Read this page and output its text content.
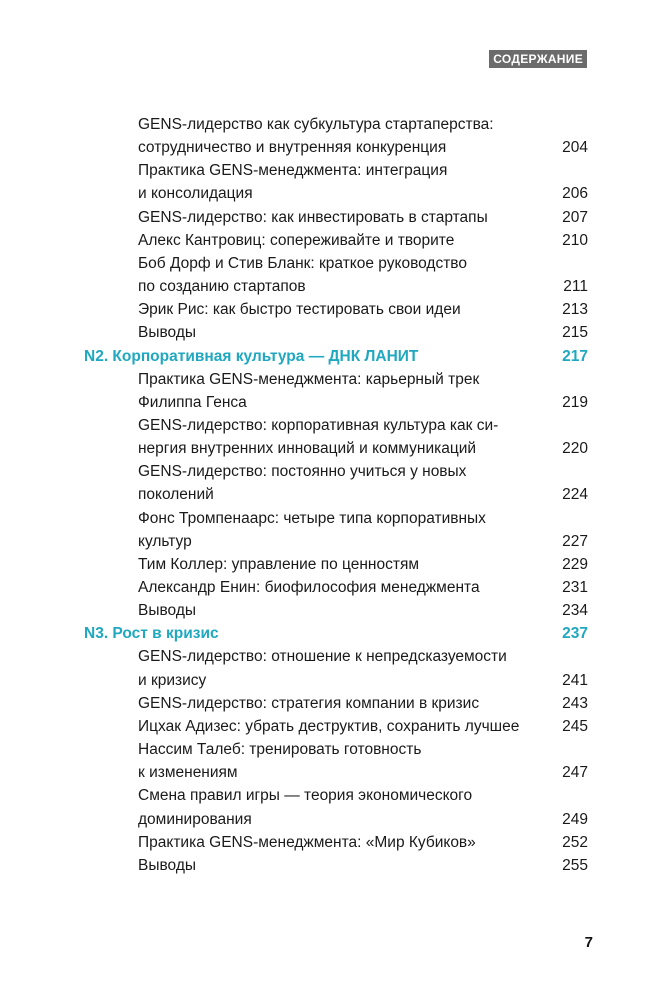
СОДЕРЖАНИЕ
GENS-лидерство как субкультура стартаперства:
сотрудничество и внутренняя конкуренция	204
Практика GENS-менеджмента: интеграция
и консолидация	206
GENS-лидерство: как инвестировать в стартапы	207
Алекс Кантровиц: сопереживайте и творите	210
Боб Дорф и Стив Бланк: краткое руководство
по созданию стартапов	211
Эрик Рис: как быстро тестировать свои идеи	213
Выводы	215
N2. Корпоративная культура — ДНК ЛАНИТ	217
Практика GENS-менеджмента: карьерный трек
Филиппа Генса	219
GENS-лидерство: корпоративная культура как си-
нергия внутренних инноваций и коммуникаций	220
GENS-лидерство: постоянно учиться у новых
поколений	224
Фонс Тромпенаарс: четыре типа корпоративных
культур	227
Тим Коллер: управление по ценностям	229
Александр Енин: биофилософия менеджмента	231
Выводы	234
N3. Рост в кризис	237
GENS-лидерство: отношение к непредсказуемости
и кризису	241
GENS-лидерство: стратегия компании в кризис	243
Ицхак Адизес: убрать деструктив, сохранить лучшее	245
Нассим Талеб: тренировать готовность
к изменениям	247
Смена правил игры — теория экономического
доминирования	249
Практика GENS-менеджмента: «Мир Кубиков»	252
Выводы	255
7
